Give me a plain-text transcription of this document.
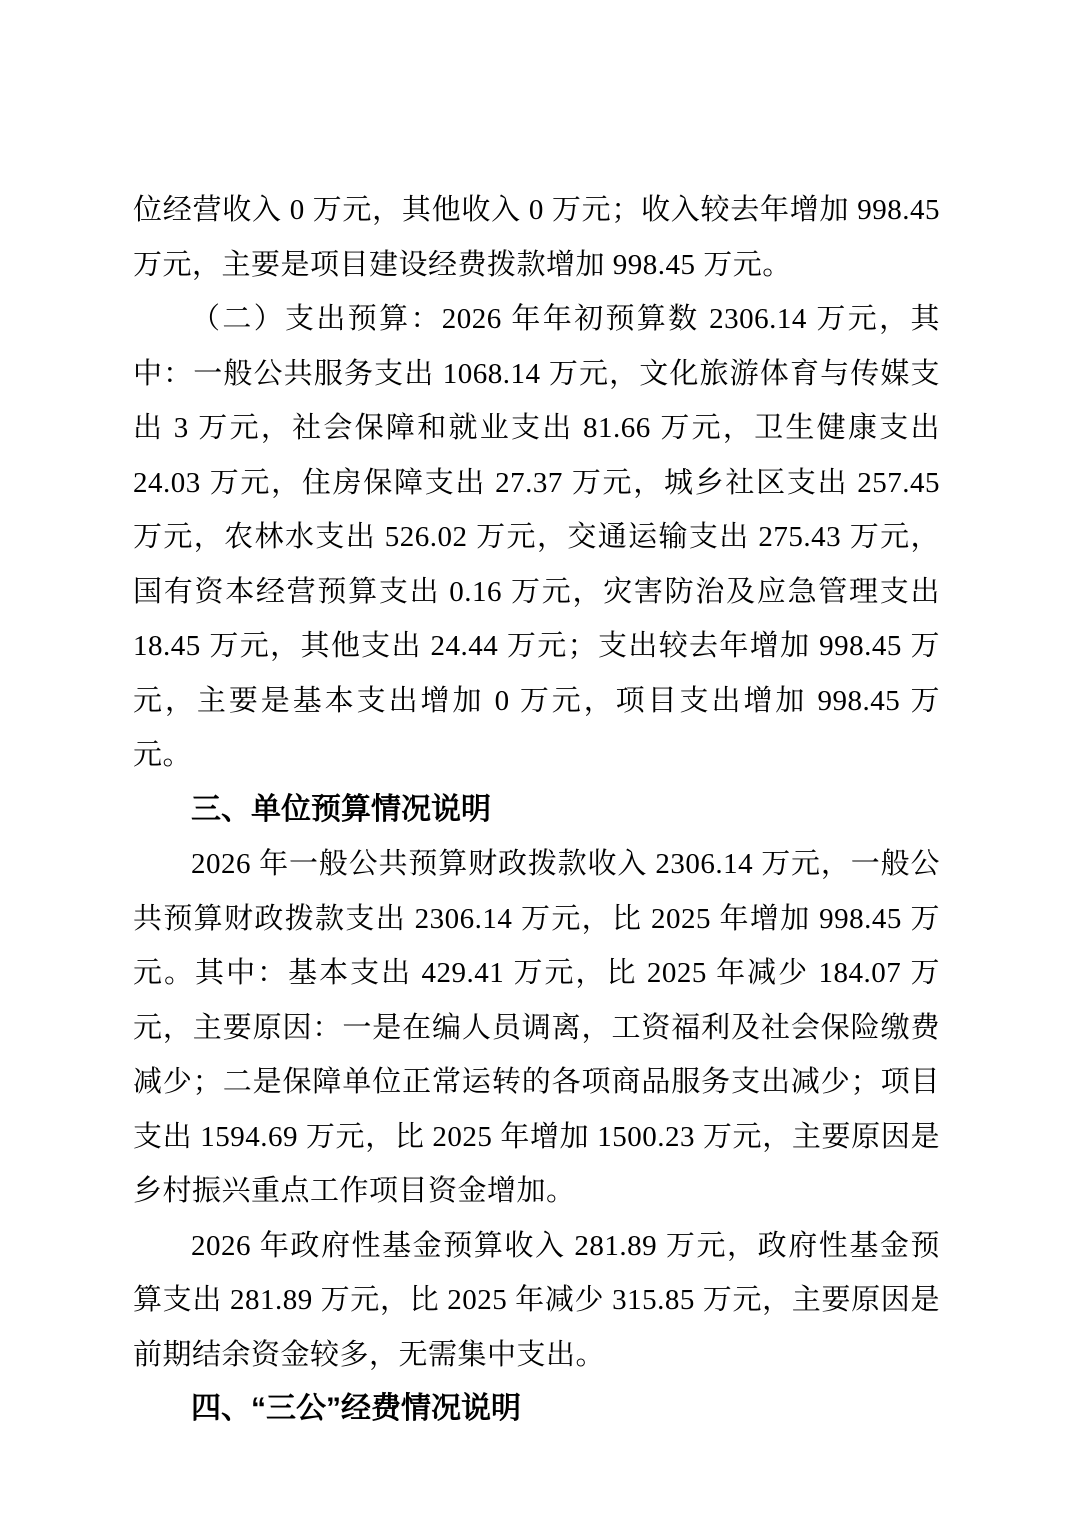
位经营收入 0 万元，其他收入 0 万元；收入较去年增加 998.45 万元，主要是项目建设经费拨款增加 998.45 万元。

（二）支出预算：2026 年年初预算数 2306.14 万元，其中：一般公共服务支出 1068.14 万元，文化旅游体育与传媒支出 3 万元，社会保障和就业支出 81.66 万元，卫生健康支出 24.03 万元，住房保障支出 27.37 万元，城乡社区支出 257.45 万元，农林水支出 526.02 万元，交通运输支出 275.43 万元，国有资本经营预算支出 0.16 万元，灾害防治及应急管理支出 18.45 万元，其他支出 24.44 万元；支出较去年增加 998.45 万元，主要是基本支出增加 0 万元，项目支出增加 998.45 万元。

三、单位预算情况说明

2026 年一般公共预算财政拨款收入 2306.14 万元，一般公共预算财政拨款支出 2306.14 万元，比 2025 年增加 998.45 万元。其中：基本支出 429.41 万元，比 2025 年减少 184.07 万元，主要原因：一是在编人员调离，工资福利及社会保险缴费减少；二是保障单位正常运转的各项商品服务支出减少；项目支出 1594.69 万元，比 2025 年增加 1500.23 万元，主要原因是乡村振兴重点工作项目资金增加。

2026 年政府性基金预算收入 281.89 万元，政府性基金预算支出 281.89 万元，比 2025 年减少 315.85 万元，主要原因是前期结余资金较多，无需集中支出。

四、“三公”经费情况说明
